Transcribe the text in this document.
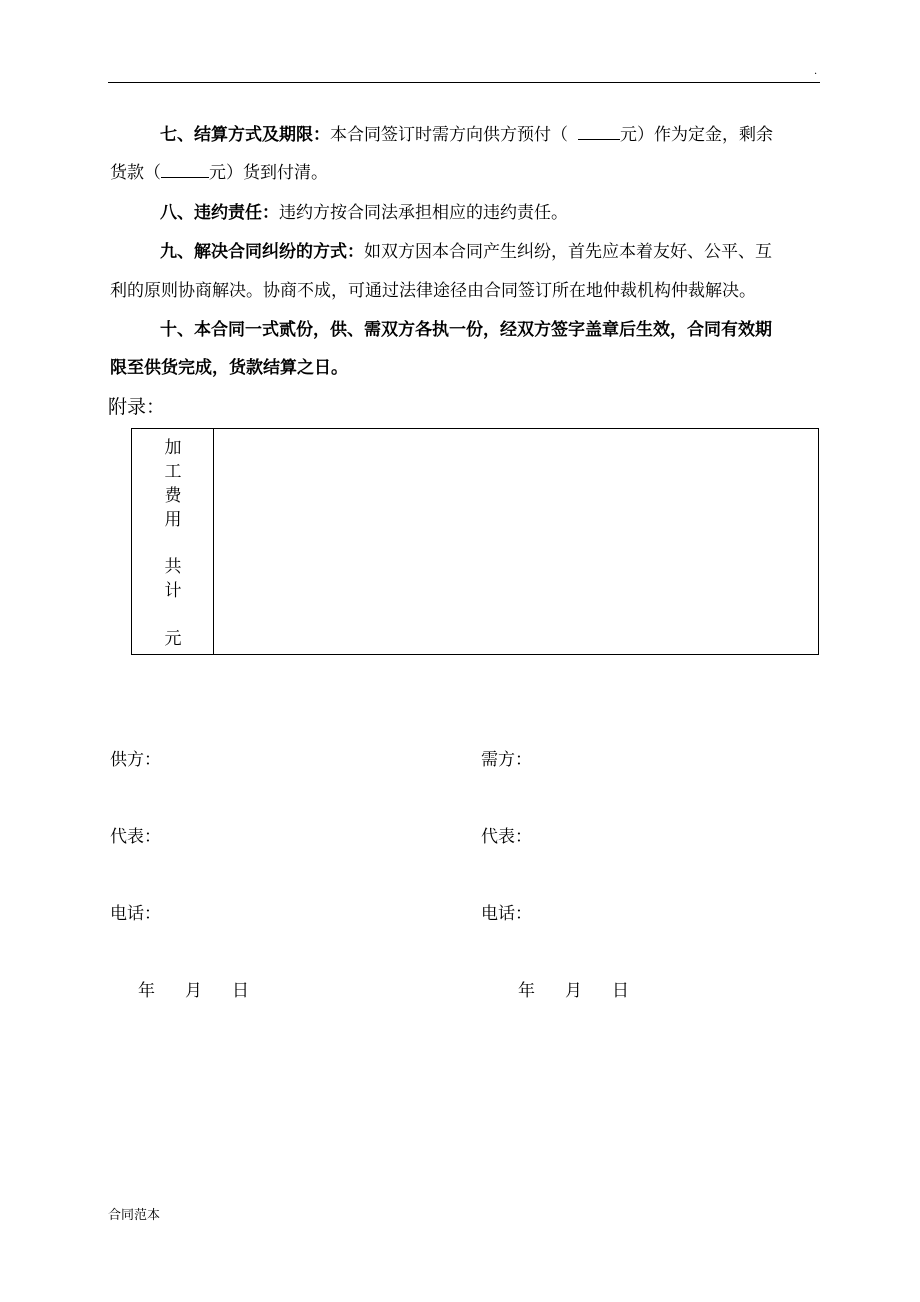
.
七、结算方式及期限：本合同签订时需方向供方预付（	元）作为定金，剩余
货款（	元）货到付清。
八、违约责任：违约方按合同法承担相应的违约责任。
九、解决合同纠纷的方式：如双方因本合同产生纠纷，首先应本着友好、公平、互
利的原则协商解决。协商不成，可通过法律途径由合同签订所在地仲裁机构仲裁解决。
十、本合同一式贰份，供、需双方各执一份，经双方签字盖章后生效，合同有效期
限至供货完成，货款结算之日。
附录：
加
工
费
用
共
计
元
供方：	需方：
代表：	代表：
电话：	电话：
年 月 日	年 月 日
合同范本
